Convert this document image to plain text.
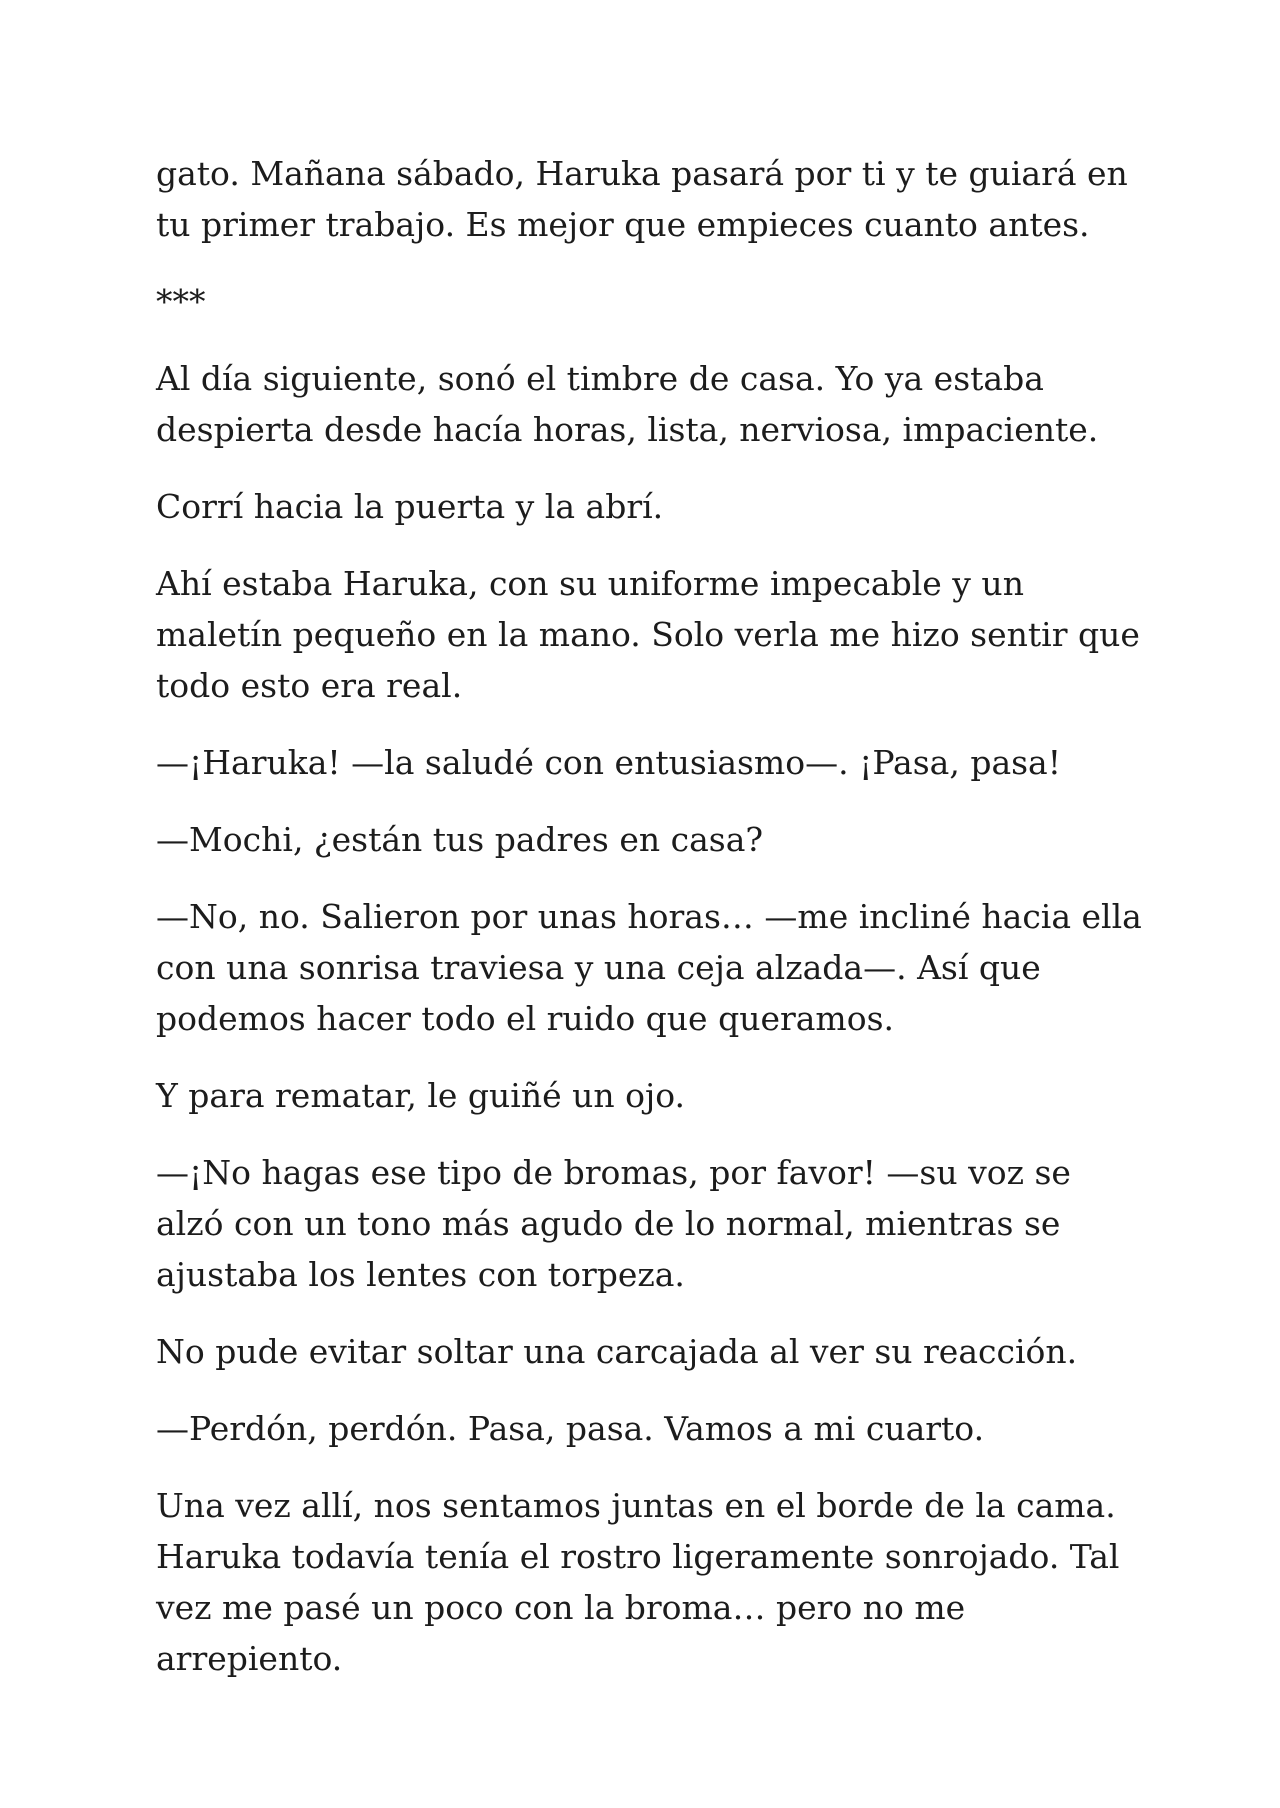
gato. Mañana sábado, Haruka pasará por ti y te guiará en tu primer trabajo. Es mejor que empieces cuanto antes.

***

Al día siguiente, sonó el timbre de casa. Yo ya estaba despierta desde hacía horas, lista, nerviosa, impaciente.

Corrí hacia la puerta y la abrí.

Ahí estaba Haruka, con su uniforme impecable y un maletín pequeño en la mano. Solo verla me hizo sentir que todo esto era real.

—¡Haruka! —la saludé con entusiasmo—. ¡Pasa, pasa!

—Mochi, ¿están tus padres en casa?

—No, no. Salieron por unas horas… —me incliné hacia ella con una sonrisa traviesa y una ceja alzada—. Así que podemos hacer todo el ruido que queramos.

Y para rematar, le guiñé un ojo.

—¡No hagas ese tipo de bromas, por favor! —su voz se alzó con un tono más agudo de lo normal, mientras se ajustaba los lentes con torpeza.

No pude evitar soltar una carcajada al ver su reacción.

—Perdón, perdón. Pasa, pasa. Vamos a mi cuarto.

Una vez allí, nos sentamos juntas en el borde de la cama. Haruka todavía tenía el rostro ligeramente sonrojado. Tal vez me pasé un poco con la broma… pero no me arrepiento.
